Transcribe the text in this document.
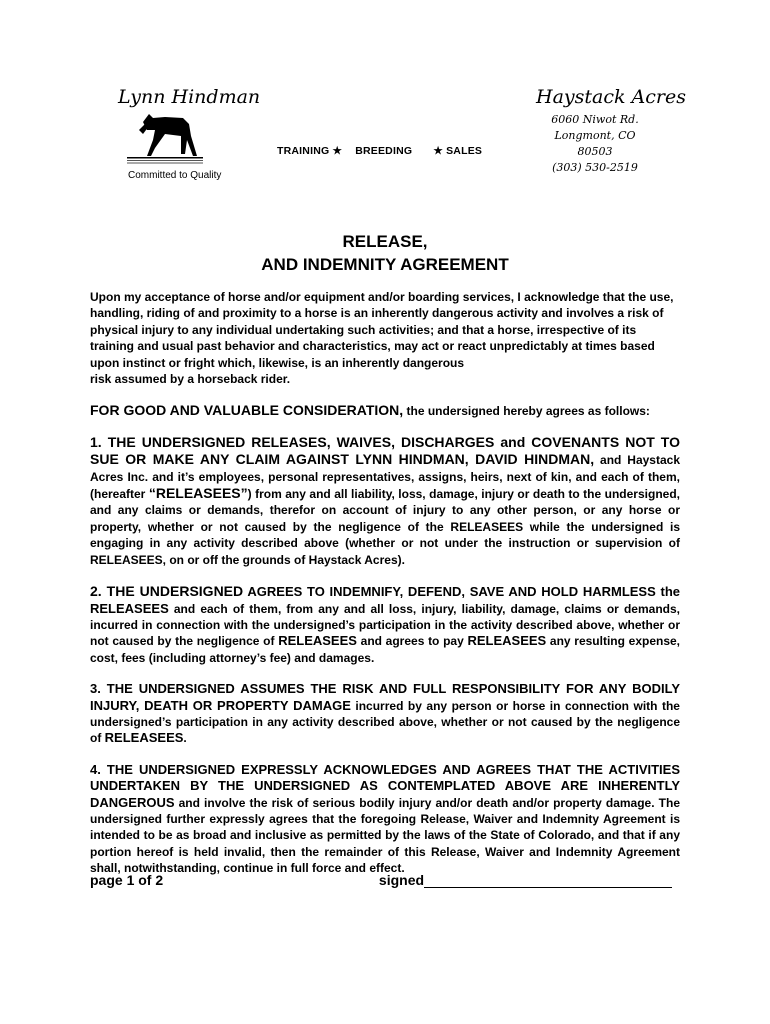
Lynn Hindman
Committed to Quality
TRAINING ★ BREEDING ★ SALES
Haystack Acres
6060 Niwot Rd.
Longmont, CO 80503
(303) 530-2519
RELEASE,
AND INDEMNITY AGREEMENT

Upon my acceptance of horse and/or equipment and/or boarding services, I acknowledge that the use, handling, riding of and proximity to a horse is an inherently dangerous activity and involves a risk of physical injury to any individual undertaking such activities; and that a horse, irrespective of its training and usual past behavior and characteristics, may act or react unpredictably at times based upon instinct or fright which, likewise, is an inherently dangerous
risk assumed by a horseback rider.

FOR GOOD AND VALUABLE CONSIDERATION, the undersigned hereby agrees as follows:

1. THE UNDERSIGNED RELEASES, WAIVES, DISCHARGES and COVENANTS NOT TO SUE OR MAKE ANY CLAIM AGAINST LYNN HINDMAN, DAVID HINDMAN, and Haystack Acres Inc. and it’s employees, personal representatives, assigns, heirs, next of kin, and each of them, (hereafter “RELEASEES”) from any and all liability, loss, damage, injury or death to the undersigned, and any claims or demands, therefor on account of injury to any other person, or any horse or property, whether or not caused by the negligence of the RELEASEES while the undersigned is engaging in any activity described above (whether or not under the instruction or supervision of RELEASEES, on or off the grounds of Haystack Acres).

2. THE UNDERSIGNED AGREES TO INDEMNIFY, DEFEND, SAVE AND HOLD HARMLESS the RELEASEES and each of them, from any and all loss, injury, liability, damage, claims or demands, incurred in connection with the undersigned’s participation in the activity described above, whether or not caused by the negligence of RELEASEES and agrees to pay RELEASEES any resulting expense, cost, fees (including attorney’s fee) and damages.

3. THE UNDERSIGNED ASSUMES THE RISK AND FULL RESPONSIBILITY FOR ANY BODILY INJURY, DEATH OR PROPERTY DAMAGE incurred by any person or horse in connection with the undersigned’s participation in any activity described above, whether or not caused by the negligence of RELEASEES.

4. THE UNDERSIGNED EXPRESSLY ACKNOWLEDGES AND AGREES THAT THE ACTIVITIES UNDERTAKEN BY THE UNDERSIGNED AS CONTEMPLATED ABOVE ARE INHERENTLY DANGEROUS and involve the risk of serious bodily injury and/or death and/or property damage. The undersigned further expressly agrees that the foregoing Release, Waiver and Indemnity Agreement is intended to be as broad and inclusive as permitted by the laws of the State of Colorado, and that if any portion hereof is held invalid, then the remainder of this Release, Waiver and Indemnity Agreement shall, notwithstanding, continue in full force and effect.

page 1 of 2	signed
